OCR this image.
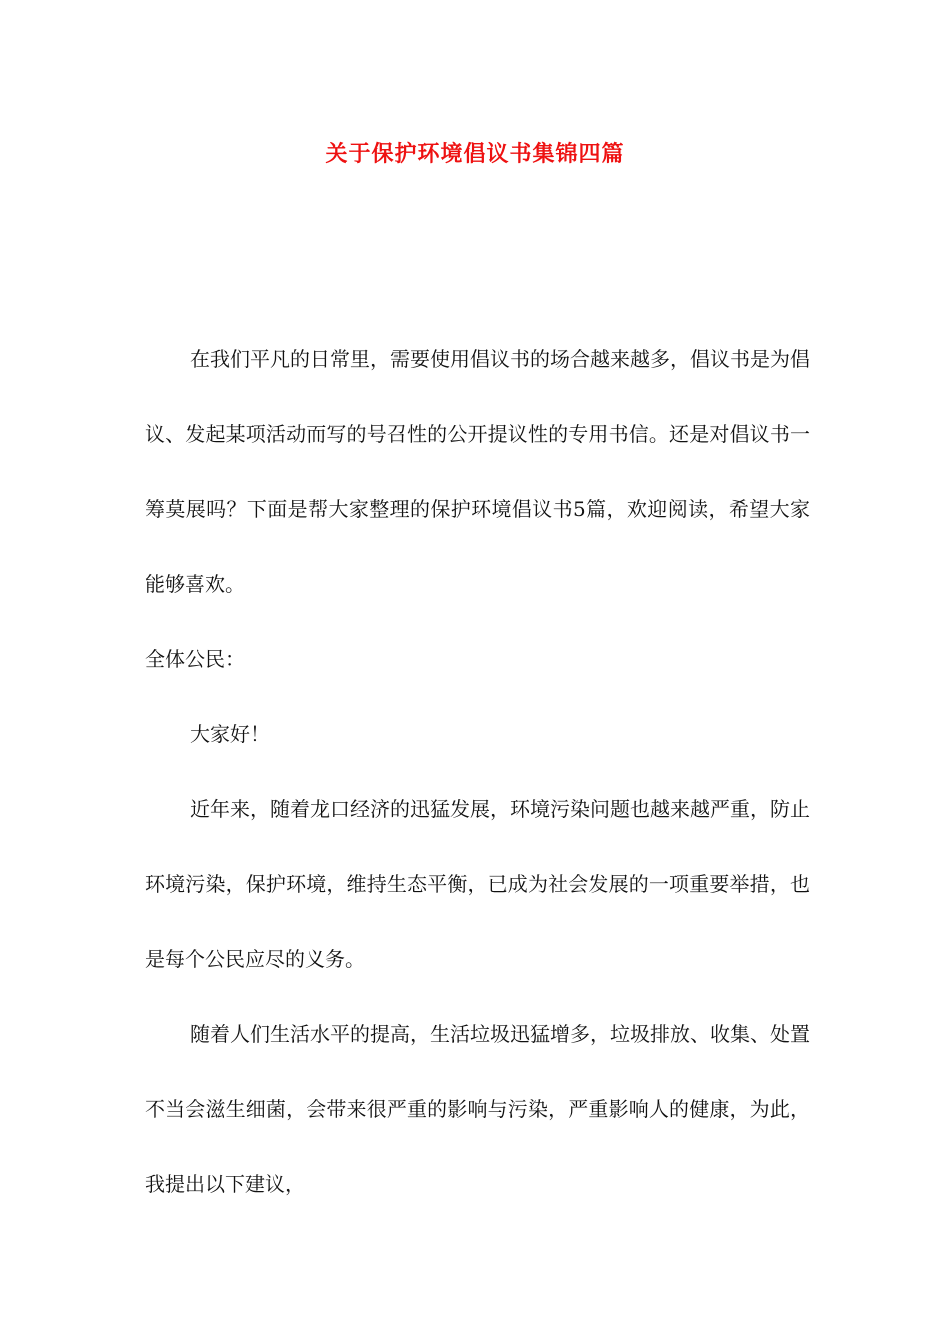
关于保护环境倡议书集锦四篇

在我们平凡的日常里，需要使用倡议书的场合越来越多，倡议书是为倡议、发起某项活动而写的号召性的公开提议性的专用书信。还是对倡议书一筹莫展吗？下面是帮大家整理的保护环境倡议书5篇，欢迎阅读，希望大家能够喜欢。

全体公民：

大家好！

近年来，随着龙口经济的迅猛发展，环境污染问题也越来越严重，防止环境污染，保护环境，维持生态平衡，已成为社会发展的一项重要举措，也是每个公民应尽的义务。

随着人们生活水平的提高，生活垃圾迅猛增多，垃圾排放、收集、处置不当会滋生细菌，会带来很严重的影响与污染，严重影响人的健康，为此，我提出以下建议，
